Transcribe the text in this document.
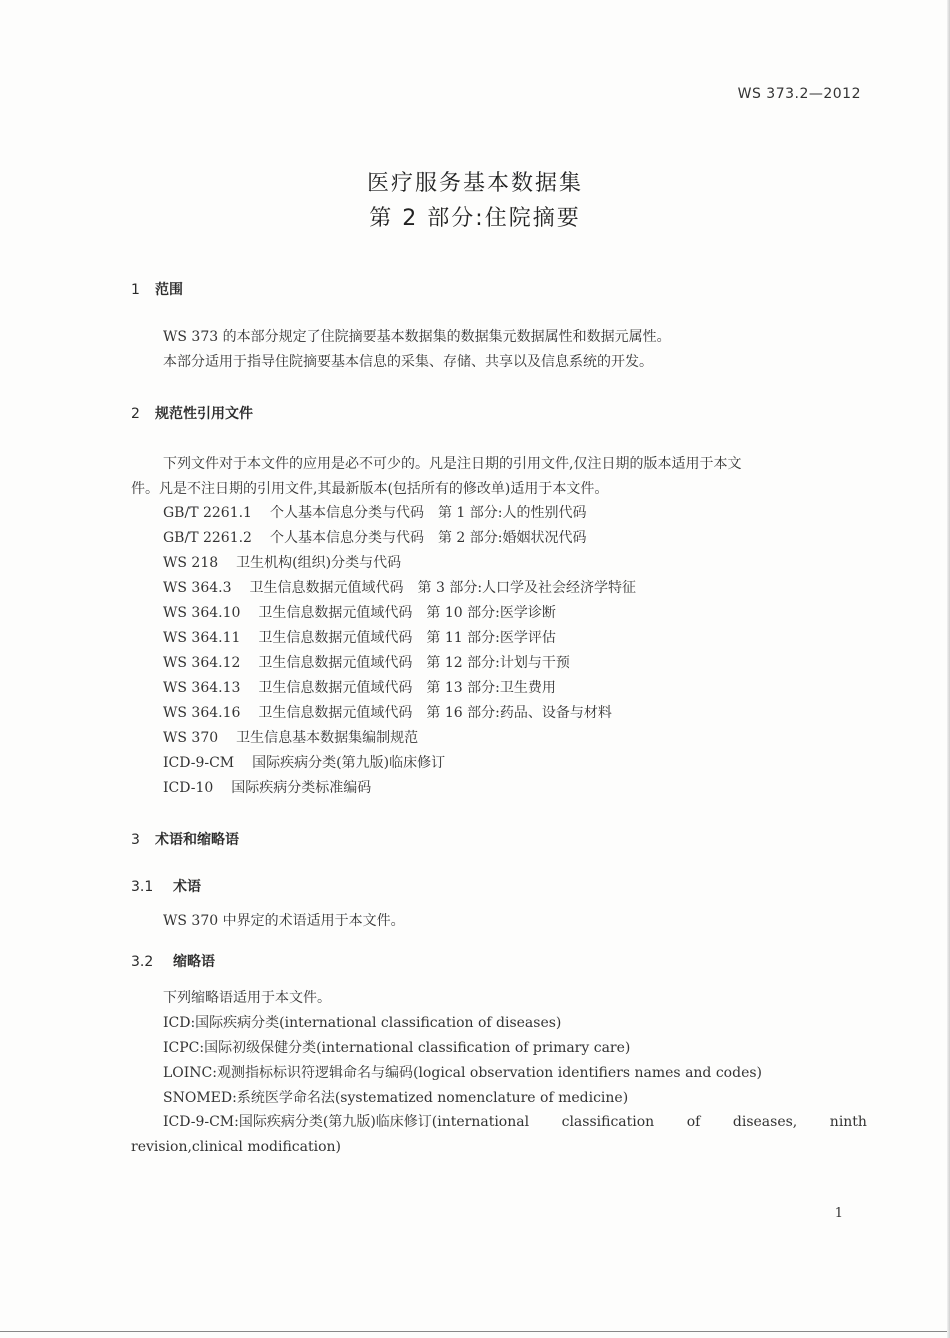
WS 373.2—2012
医疗服务基本数据集
第 2 部分:住院摘要
1 范围
WS 373 的本部分规定了住院摘要基本数据集的数据集元数据属性和数据元属性。
本部分适用于指导住院摘要基本信息的采集、存储、共享以及信息系统的开发。
2 规范性引用文件
下列文件对于本文件的应用是必不可少的。凡是注日期的引用文件,仅注日期的版本适用于本文
件。凡是不注日期的引用文件,其最新版本(包括所有的修改单)适用于本文件。
GB/T 2261.1 个人基本信息分类与代码　第 1 部分:人的性别代码
GB/T 2261.2 个人基本信息分类与代码　第 2 部分:婚姻状况代码
WS 218 卫生机构(组织)分类与代码
WS 364.3 卫生信息数据元值域代码　第 3 部分:人口学及社会经济学特征
WS 364.10 卫生信息数据元值域代码　第 10 部分:医学诊断
WS 364.11 卫生信息数据元值域代码　第 11 部分:医学评估
WS 364.12 卫生信息数据元值域代码　第 12 部分:计划与干预
WS 364.13 卫生信息数据元值域代码　第 13 部分:卫生费用
WS 364.16 卫生信息数据元值域代码　第 16 部分:药品、设备与材料
WS 370 卫生信息基本数据集编制规范
ICD-9-CM 国际疾病分类(第九版)临床修订
ICD-10 国际疾病分类标准编码
3 术语和缩略语
3.1 术语
WS 370 中界定的术语适用于本文件。
3.2 缩略语
下列缩略语适用于本文件。
ICD:国际疾病分类(international classification of diseases)
ICPC:国际初级保健分类(international classification of primary care)
LOINC:观测指标标识符逻辑命名与编码(logical observation identifiers names and codes)
SNOMED:系统医学命名法(systematized nomenclature of medicine)
ICD-9-CM:国际疾病分类(第九版)临床修订(international classification of diseases, ninth
revision,clinical modification)
1
